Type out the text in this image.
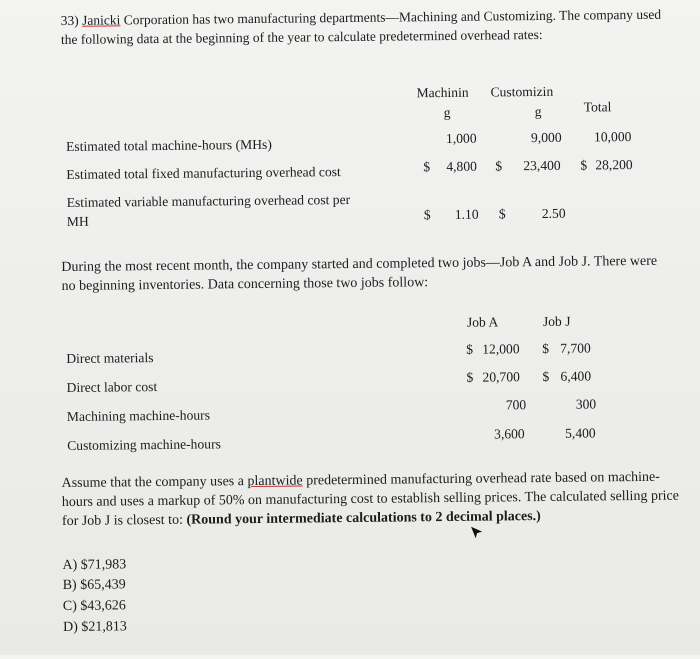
33) Janicki Corporation has two manufacturing departments—Machining and Customizing. The company used the following data at the beginning of the year to calculate predetermined overhead rates:
Machinin
g
Customizin
g	Total
Estimated total machine-hours (MHs)	1,000	9,000 10,000
Estimated total fixed manufacturing overhead cost	$ 4,800 $ 23,400 $ 28,200
Estimated variable manufacturing overhead cost per
MH	$ 1.10 $	2.50
During the most recent month, the company started and completed two jobs—Job A and Job J. There were no beginning inventories. Data concerning those two jobs follow:
Job A	Job J
Direct materials
$ 12,000 $ 7,700
Direct labor cost
$ 20,700 $ 6,400
Machining machine-hours
700	300
Customizing machine-hours
3,600	5,400
Assume that the company uses a plantwide predetermined manufacturing overhead rate based on machine-hours and uses a markup of 50% on manufacturing cost to establish selling prices. The calculated selling price for Job J is closest to: (Round your intermediate calculations to 2 decimal places.)
A) $71,983
B) $65,439
C) $43,626
D) $21,813
